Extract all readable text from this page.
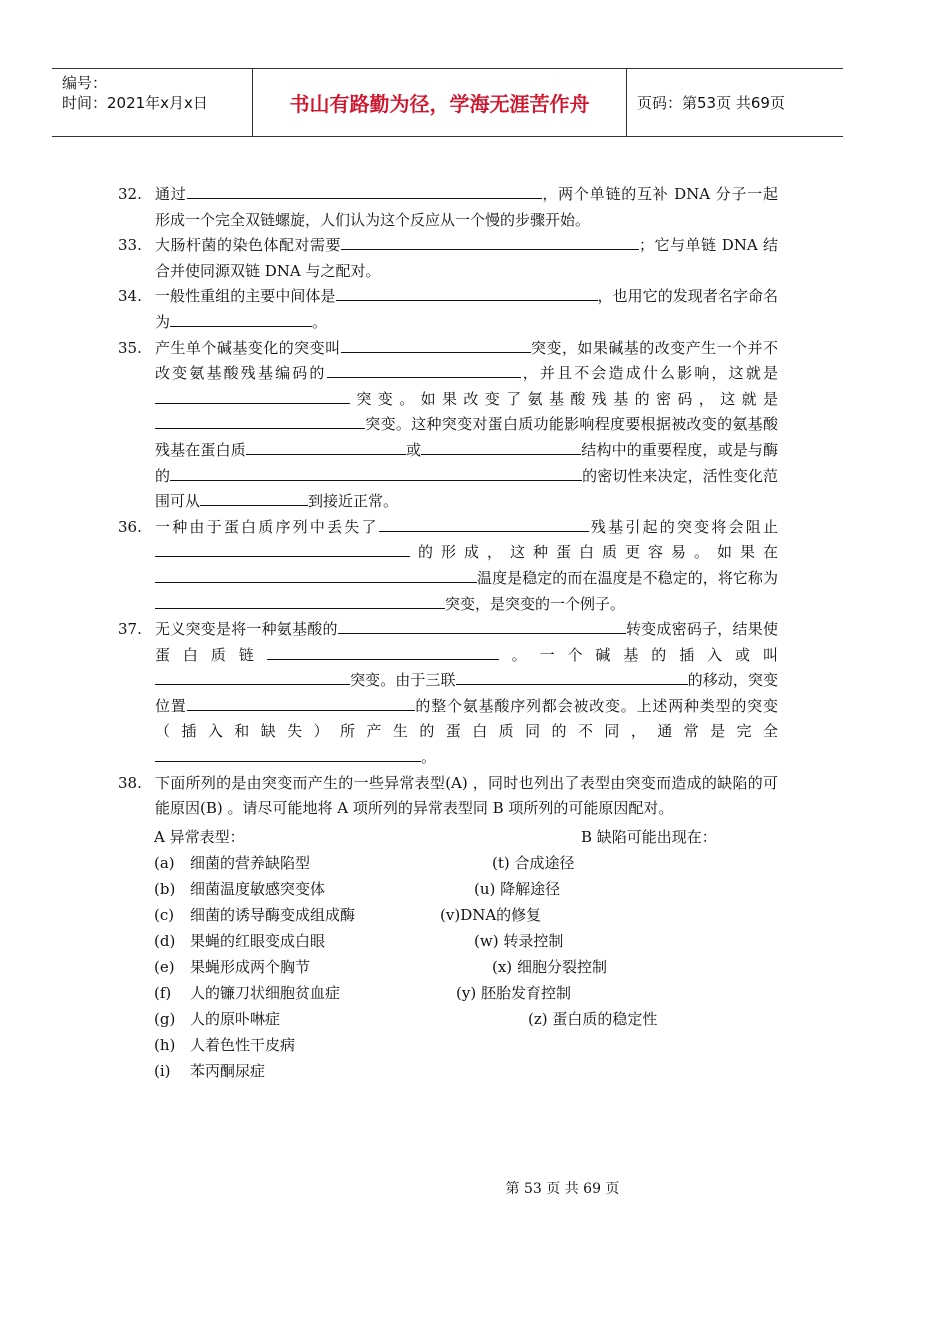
编号：
时间：2021年x月x日	书山有路勤为径，学海无涯苦作舟	页码：第53页 共69页
32. 通过	，两个单链的互补 DNA 分子一起形成一个完全双链螺旋，人们认为这个反应从一个慢的步骤开始。
33. 大肠杆菌的染色体配对需要	；它与单链 DNA 结合并使同源双链 DNA 与之配对。
34. 一般性重组的主要中间体是	，也用它的发现者名字命名为	。
35. 产生单个碱基变化的突变叫	突变，如果碱基的改变产生一个并不改变氨基酸残基编码的	，并且不会造成什么影响，这就是突变。如果改变了氨基酸残基的密码，这就是突变。这种突变对蛋白质功能影响程度要根据被改变的氨基酸残基在蛋白质	或	结构中的重要程度，或是与酶的	的密切性来决定，活性变化范围可从	到接近正常。
36. 一种由于蛋白质序列中丢失了	残基引起的突变将会阻止的形成，这种蛋白质更容易。如果在温度是稳定的而在温度是不稳定的，将它称为突变，是突变的一个例子。
37. 无义突变是将一种氨基酸的	转变成密码子，结果使蛋白质链	。一个碱基的插入或叫突变。由于三联	的移动，突变位置	的整个氨基酸序列都会被改变。上述两种类型的突变（插入和缺失）所产生的蛋白质同的不同，通常是完全。
38. 下面所列的是由突变而产生的一些异常表型(A) ，同时也列出了表型由突变而造成的缺陷的可能原因(B) 。请尽可能地将 A 项所列的异常表型同 B 项所列的可能原因配对。
A 异常表型：	B 缺陷可能出现在：
(a) 细菌的营养缺陷型	(t) 合成途径
(b) 细菌温度敏感突变体	(u) 降解途径
(c) 细菌的诱导酶变成组成酶	(v)DNA的修复
(d) 果蝇的红眼变成白眼	(w) 转录控制
(e) 果蝇形成两个胸节	(x) 细胞分裂控制
(f) 人的镰刀状细胞贫血症	(y) 胚胎发育控制
(g) 人的原卟啉症	(z) 蛋白质的稳定性
(h) 人着色性干皮病
(i) 苯丙酮尿症
第 53 页 共 69 页
